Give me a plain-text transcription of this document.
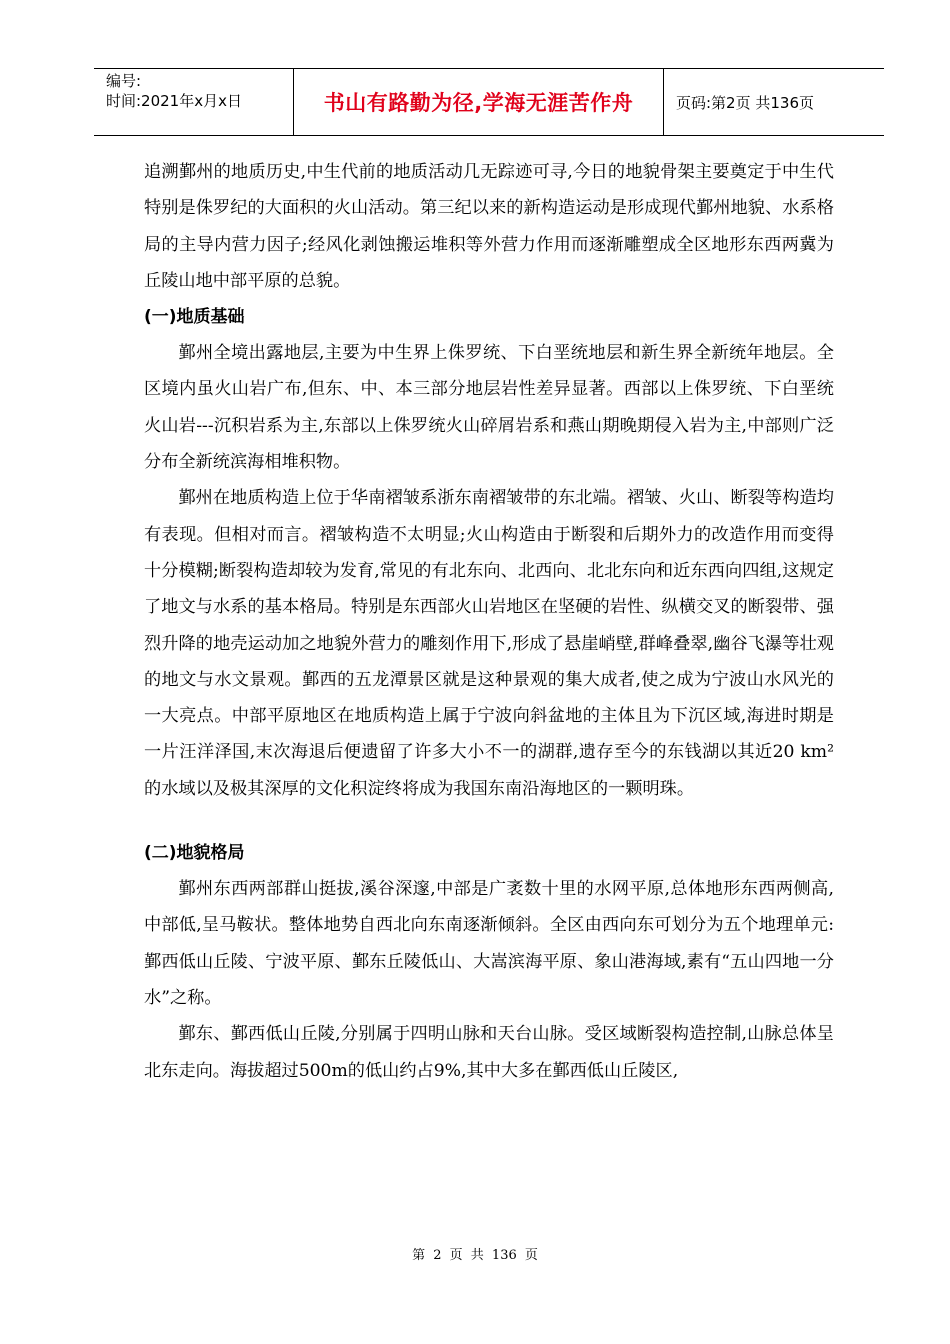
编号:
时间:2021年x月x日	书山有路勤为径,学海无涯苦作舟	页码:第2页 共136页

追溯鄞州的地质历史,中生代前的地质活动几无踪迹可寻,今日的地貌骨架主要奠定于中生代特别是侏罗纪的大面积的火山活动。第三纪以来的新构造运动是形成现代鄞州地貌、水系格局的主导内营力因子;经风化剥蚀搬运堆积等外营力作用而逐渐雕塑成全区地形东西两冀为丘陵山地中部平原的总貌。

(一)地质基础

鄞州全境出露地层,主要为中生界上侏罗统、下白垩统地层和新生界全新统年地层。全区境内虽火山岩广布,但东、中、本三部分地层岩性差异显著。西部以上侏罗统、下白垩统火山岩---沉积岩系为主,东部以上侏罗统火山碎屑岩系和燕山期晚期侵入岩为主,中部则广泛分布全新统滨海相堆积物。

鄞州在地质构造上位于华南褶皱系浙东南褶皱带的东北端。褶皱、火山、断裂等构造均有表现。但相对而言。褶皱构造不太明显;火山构造由于断裂和后期外力的改造作用而变得十分模糊;断裂构造却较为发育,常见的有北东向、北西向、北北东向和近东西向四组,这规定了地文与水系的基本格局。特别是东西部火山岩地区在坚硬的岩性、纵横交叉的断裂带、强烈升降的地壳运动加之地貌外营力的雕刻作用下,形成了悬崖峭壁,群峰叠翠,幽谷飞瀑等壮观的地文与水文景观。鄞西的五龙潭景区就是这种景观的集大成者,使之成为宁波山水风光的一大亮点。中部平原地区在地质构造上属于宁波向斜盆地的主体且为下沉区域,海进时期是一片汪洋泽国,末次海退后便遗留了许多大小不一的湖群,遗存至今的东钱湖以其近20 km²的水域以及极其深厚的文化积淀终将成为我国东南沿海地区的一颗明珠。

(二)地貌格局

鄞州东西两部群山挺拔,溪谷深邃,中部是广袤数十里的水网平原,总体地形东西两侧高,中部低,呈马鞍状。整体地势自西北向东南逐渐倾斜。全区由西向东可划分为五个地理单元:鄞西低山丘陵、宁波平原、鄞东丘陵低山、大嵩滨海平原、象山港海域,素有“五山四地一分水”之称。

鄞东、鄞西低山丘陵,分别属于四明山脉和天台山脉。受区域断裂构造控制,山脉总体呈北东走向。海拔超过500m的低山约占9%,其中大多在鄞西低山丘陵区,

第 2 页 共 136 页
